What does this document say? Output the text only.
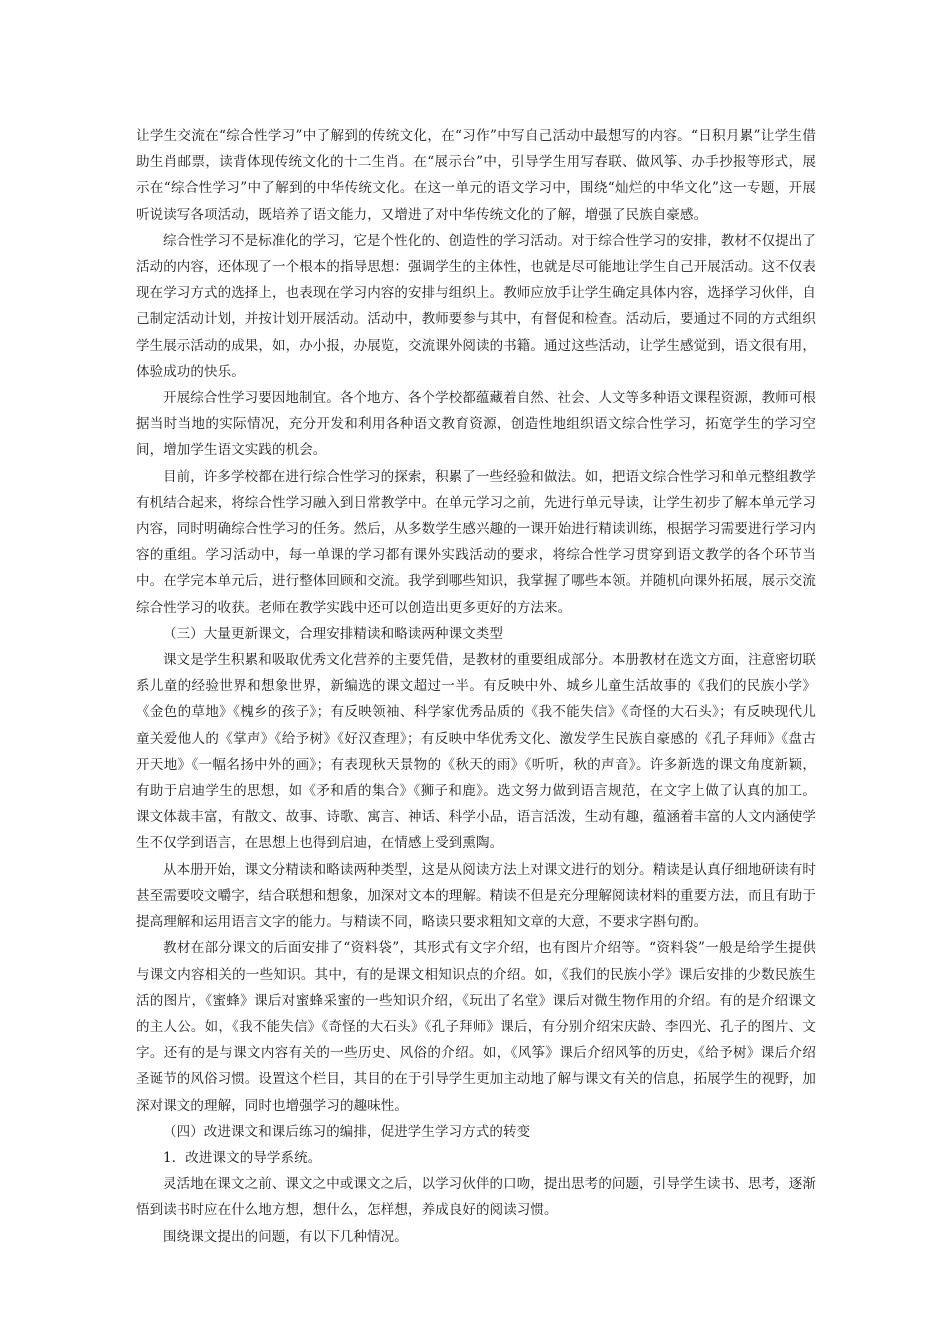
让学生交流在“综合性学习”中了解到的传统文化，在“习作”中写自己活动中最想写的内容。“日积月累”让学生借助生肖邮票，读背体现传统文化的十二生肖。在“展示台”中，引导学生用写春联、做风筝、办手抄报等形式，展示在“综合性学习”中了解到的中华传统文化。在这一单元的语文学习中，围绕“灿烂的中华文化”这一专题，开展听说读写各项活动，既培养了语文能力，又增进了对中华传统文化的了解，增强了民族自豪感。

综合性学习不是标准化的学习，它是个性化的、创造性的学习活动。对于综合性学习的安排，教材不仅提出了活动的内容，还体现了一个根本的指导思想：强调学生的主体性，也就是尽可能地让学生自己开展活动。这不仅表现在学习方式的选择上，也表现在学习内容的安排与组织上。教师应放手让学生确定具体内容，选择学习伙伴，自己制定活动计划，并按计划开展活动。活动中，教师要参与其中，有督促和检查。活动后，要通过不同的方式组织学生展示活动的成果，如，办小报，办展览，交流课外阅读的书籍。通过这些活动，让学生感觉到，语文很有用，体验成功的快乐。

开展综合性学习要因地制宜。各个地方、各个学校都蕴藏着自然、社会、人文等多种语文课程资源，教师可根据当时当地的实际情况，充分开发和利用各种语文教育资源，创造性地组织语文综合性学习，拓宽学生的学习空间，增加学生语文实践的机会。

目前，许多学校都在进行综合性学习的探索，积累了一些经验和做法。如，把语文综合性学习和单元整组教学有机结合起来，将综合性学习融入到日常教学中。在单元学习之前，先进行单元导读，让学生初步了解本单元学习内容，同时明确综合性学习的任务。然后，从多数学生感兴趣的一课开始进行精读训练，根据学习需要进行学习内容的重组。学习活动中，每一单课的学习都有课外实践活动的要求，将综合性学习贯穿到语文教学的各个环节当中。在学完本单元后，进行整体回顾和交流。我学到哪些知识，我掌握了哪些本领。并随机向课外拓展，展示交流综合性学习的收获。老师在教学实践中还可以创造出更多更好的方法来。

（三）大量更新课文，合理安排精读和略读两种课文类型

课文是学生积累和吸取优秀文化营养的主要凭借，是教材的重要组成部分。本册教材在选文方面，注意密切联系儿童的经验世界和想象世界，新编选的课文超过一半。有反映中外、城乡儿童生活故事的《我们的民族小学》《金色的草地》《槐乡的孩子》；有反映领袖、科学家优秀品质的《我不能失信》《奇怪的大石头》；有反映现代儿童关爱他人的《掌声》《给予树》《好汉查理》；有反映中华优秀文化、激发学生民族自豪感的《孔子拜师》《盘古开天地》《一幅名扬中外的画》；有表现秋天景物的《秋天的雨》《听听，秋的声音》。许多新选的课文角度新颖，有助于启迪学生的思想，如《矛和盾的集合》《狮子和鹿》。选文努力做到语言规范，在文字上做了认真的加工。课文体裁丰富，有散文、故事、诗歌、寓言、神话、科学小品，语言活泼，生动有趣，蕴涵着丰富的人文内涵使学生不仅学到语言，在思想上也得到启迪，在情感上受到熏陶。

从本册开始，课文分精读和略读两种类型，这是从阅读方法上对课文进行的划分。精读是认真仔细地研读有时甚至需要咬文嚼字，结合联想和想象，加深对文本的理解。精读不但是充分理解阅读材料的重要方法，而且有助于提高理解和运用语言文字的能力。与精读不同，略读只要求粗知文章的大意，不要求字斟句酌。

教材在部分课文的后面安排了“资料袋”，其形式有文字介绍，也有图片介绍等。“资料袋”一般是给学生提供与课文内容相关的一些知识。其中，有的是课文相知识点的介绍。如，《我们的民族小学》课后安排的少数民族生活的图片，《蜜蜂》课后对蜜蜂采蜜的一些知识介绍，《玩出了名堂》课后对微生物作用的介绍。有的是介绍课文的主人公。如，《我不能失信》《奇怪的大石头》《孔子拜师》课后，有分别介绍宋庆龄、李四光、孔子的图片、文字。还有的是与课文内容有关的一些历史、风俗的介绍。如，《风筝》课后介绍风筝的历史，《给予树》课后介绍圣诞节的风俗习惯。设置这个栏目，其目的在于引导学生更加主动地了解与课文有关的信息，拓展学生的视野，加深对课文的理解，同时也增强学习的趣味性。

（四）改进课文和课后练习的编排，促进学生学习方式的转变

1．改进课文的导学系统。

灵活地在课文之前、课文之中或课文之后，以学习伙伴的口吻，提出思考的问题，引导学生读书、思考，逐渐悟到读书时应在什么地方想，想什么，怎样想，养成良好的阅读习惯。

围绕课文提出的问题，有以下几种情况。
